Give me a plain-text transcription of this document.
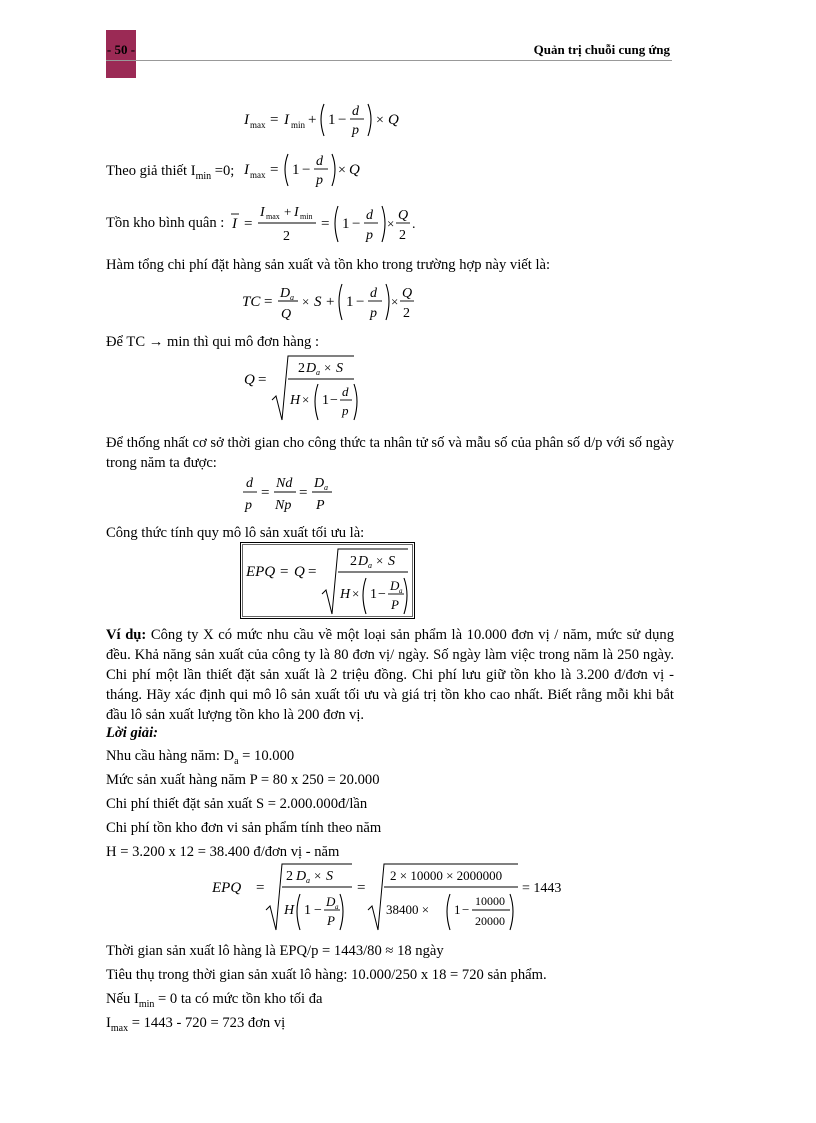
- 50 -	Quản trị chuỗi cung ứng
I max = I min + 1 −
d
p
× Q
Theo giả thiết $I_{min} =0$; I max = 1 −
d
p
× Q
Tồn kho bình quân : I =
I max + I min
2
= 1 −
d
p
×
Q
2
.
Hàm tổng chi phí đặt hàng sản xuất và tồn kho trong trường hợp này viết là:
TC =
D a
Q
× S + 1 −
d
p
×
Q
2
Để TC → min thì qui mô đơn hàng :
Q =
2 D a × S
H × 1 −
d
p
Để thống nhất cơ sở thời gian cho công thức ta nhân tử số và mẫu số của phân số d/p với số ngày trong năm ta được:
d
p
=
Nd
Np
=
D a
P
Công thức tính quy mô lô sản xuất tối ưu là:
EPQ = Q =
2 D a × S
H × 1 −
D a
P
Ví dụ: Công ty X có mức nhu cầu về một loại sản phẩm là 10.000 đơn vị / năm, mức sử dụng đều. Khả năng sản xuất của công ty là 80 đơn vị/ ngày. Số ngày làm việc trong năm là 250 ngày. Chi phí một lần thiết đặt sản xuất là 2 triệu đồng. Chi phí lưu giữ tồn kho là 3.200 đ/đơn vị - tháng. Hãy xác định qui mô lô sản xuất tối ưu và giá trị tồn kho cao nhất. Biết rằng mỗi khi bắt đầu lô sản xuất lượng tồn kho là 200 đơn vị.
Lời giải:
Nhu cầu hàng năm: $D_a = 10.000$
Mức sản xuất hàng năm P = 80 x 250 = 20.000
Chi phí thiết đặt sản xuất S = 2.000.000đ/lần
Chi phí tồn kho đơn vi sản phẩm tính theo năm
H = 3.200 x 12 = 38.400 đ/đơn vị - năm
EPQ =
2 D a × S
H 1 −
D a
P
=
2 × 10000 × 2000000
38400 × 1 −
10000
20000
= 1443
Thời gian sản xuất lô hàng là EPQ/p = 1443/80 ≈ 18 ngày
Tiêu thụ trong thời gian sản xuất lô hàng: 10.000/250 x 18 = 720 sản phẩm.
Nếu $I_{min} = 0$ ta có mức tồn kho tối đa
$I_{max} = 1443 - 720 = 723$ đơn vị
